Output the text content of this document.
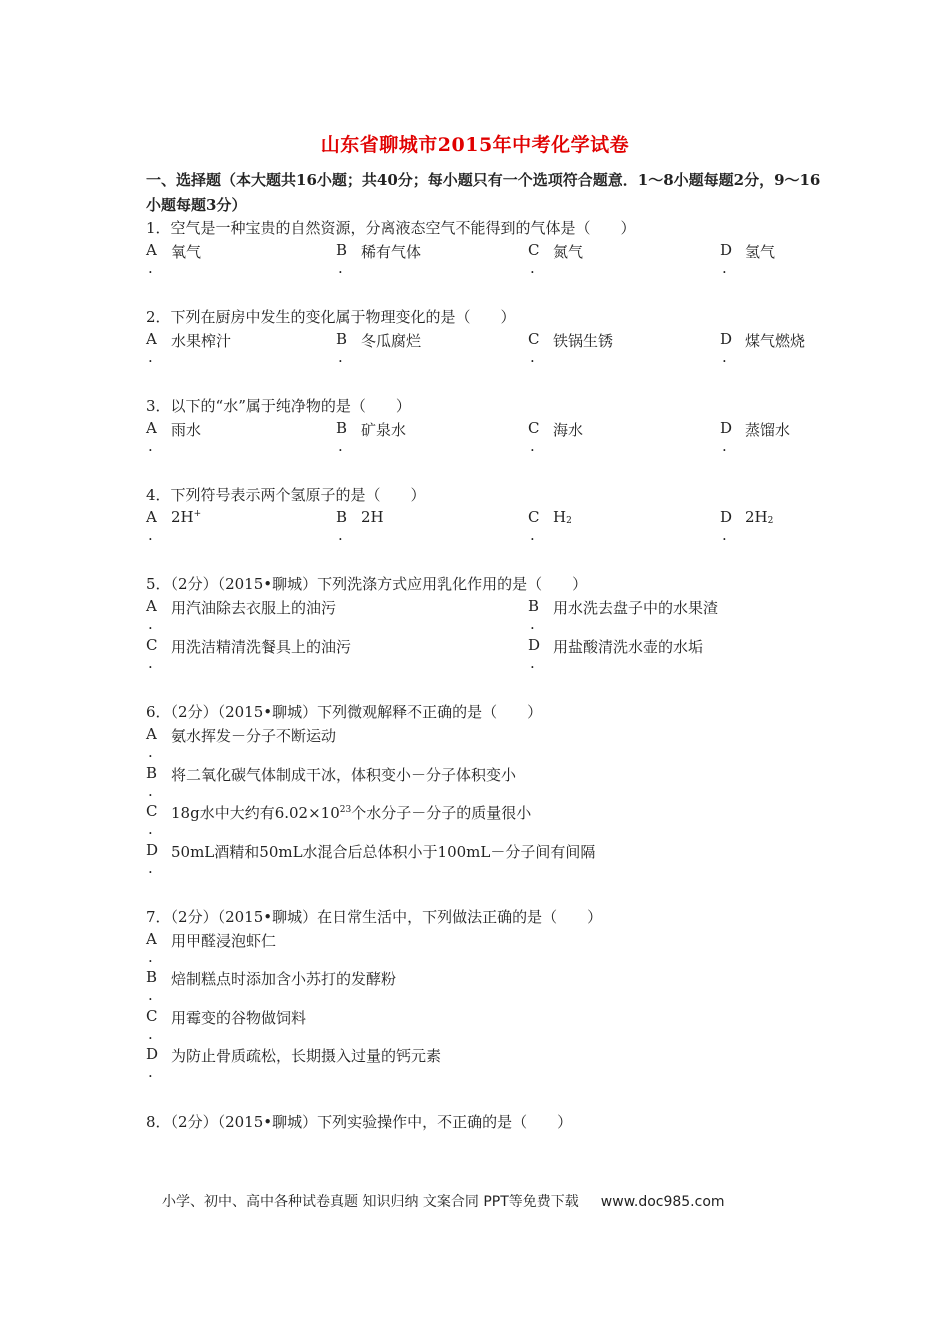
山东省聊城市2015年中考化学试卷
一、选择题（本大题共16小题；共40分；每小题只有一个选项符合题意．1～8小题每题2分，9～16小题每题3分）
1．空气是一种宝贵的自然资源，分离液态空气不能得到的气体是（　　）
A
.
氧气	B
.
稀有气体	C
.
氮气	D
.
氢气
2．下列在厨房中发生的变化属于物理变化的是（　　）
A
.
水果榨汁	B
.
冬瓜腐烂	C
.
铁锅生锈	D
.
煤气燃烧
3．以下的“水”属于纯净物的是（　　）
A
.
雨水	B
.
矿泉水	C
.
海水	D
.
蒸馏水
4．下列符号表示两个氢原子的是（　　）
A
.
2H+	B
.
2H	C
.
$H_2$	D
.
$2H_2$
5．（2分）（2015•聊城）下列洗涤方式应用乳化作用的是（　　）
A
.
用汽油除去衣服上的油污	B
.
用水洗去盘子中的水果渣
C
.
用洗洁精清洗餐具上的油污	D
.
用盐酸清洗水壶的水垢
6．（2分）（2015•聊城）下列微观解释不正确的是（　　）
A
.
氨水挥发－分子不断运动
B
.
将二氧化碳气体制成干冰，体积变小－分子体积变小
C
.
18g水中大约有$6.02\times 10^{23}$个水分子－分子的质量很小
D
.
50mL酒精和50mL水混合后总体积小于100mL－分子间有间隔
7．（2分）（2015•聊城）在日常生活中，下列做法正确的是（　　）
A
.
用甲醛浸泡虾仁
B
.
焙制糕点时添加含小苏打的发酵粉
C
.
用霉变的谷物做饲料
D
.
为防止骨质疏松，长期摄入过量的钙元素
8．（2分）（2015•聊城）下列实验操作中，不正确的是（　　）
小学、初中、高中各种试卷真题 知识归纳 文案合同 PPT等免费下载 www.doc985.com
